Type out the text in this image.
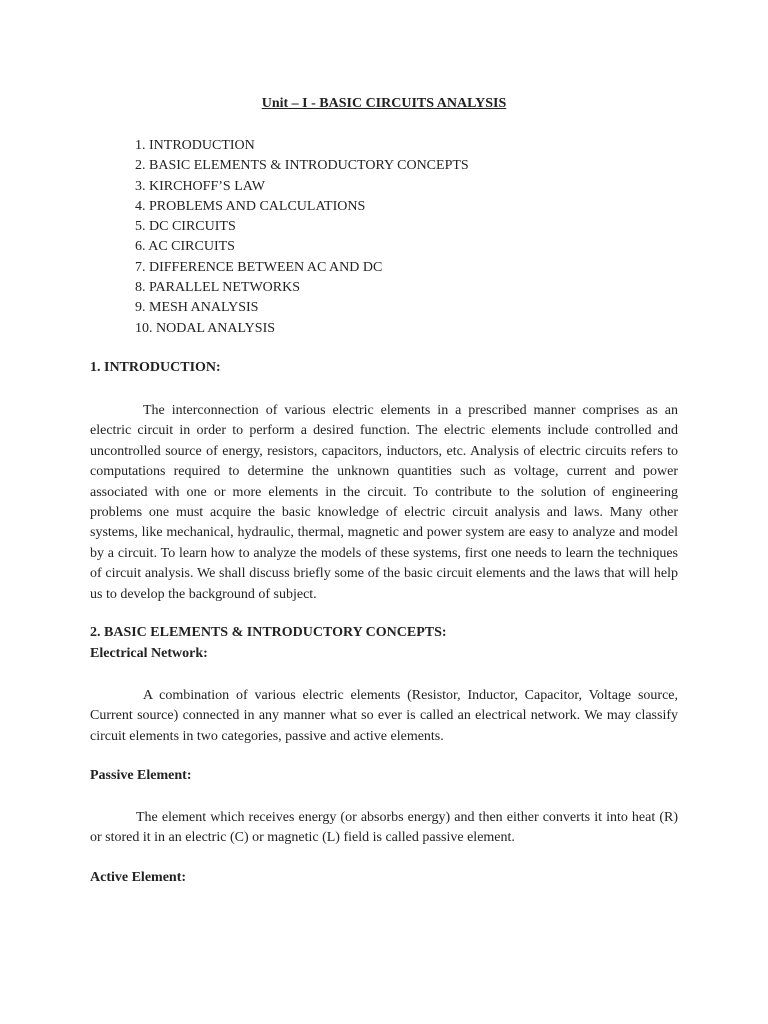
Unit – I - BASIC CIRCUITS ANALYSIS
1. INTRODUCTION
2. BASIC ELEMENTS & INTRODUCTORY CONCEPTS
3. KIRCHOFF’S LAW
4. PROBLEMS AND CALCULATIONS
5. DC CIRCUITS
6. AC CIRCUITS
7. DIFFERENCE BETWEEN AC AND DC
8. PARALLEL NETWORKS
9. MESH ANALYSIS
10. NODAL ANALYSIS
1. INTRODUCTION:

The interconnection of various electric elements in a prescribed manner comprises as an electric circuit in order to perform a desired function. The electric elements include controlled and uncontrolled source of energy, resistors, capacitors, inductors, etc. Analysis of electric circuits refers to computations required to determine the unknown quantities such as voltage, current and power associated with one or more elements in the circuit. To contribute to the solution of engineering problems one must acquire the basic knowledge of electric circuit analysis and laws. Many other systems, like mechanical, hydraulic, thermal, magnetic and power system are easy to analyze and model by a circuit. To learn how to analyze the models of these systems, first one needs to learn the techniques of circuit analysis. We shall discuss briefly some of the basic circuit elements and the laws that will help us to develop the background of subject.

2. BASIC ELEMENTS & INTRODUCTORY CONCEPTS:
Electrical Network:

A combination of various electric elements (Resistor, Inductor, Capacitor, Voltage source, Current source) connected in any manner what so ever is called an electrical network. We may classify circuit elements in two categories, passive and active elements.

Passive Element:

The element which receives energy (or absorbs energy) and then either converts it into heat (R) or stored it in an electric (C) or magnetic (L) field is called passive element.

Active Element:
